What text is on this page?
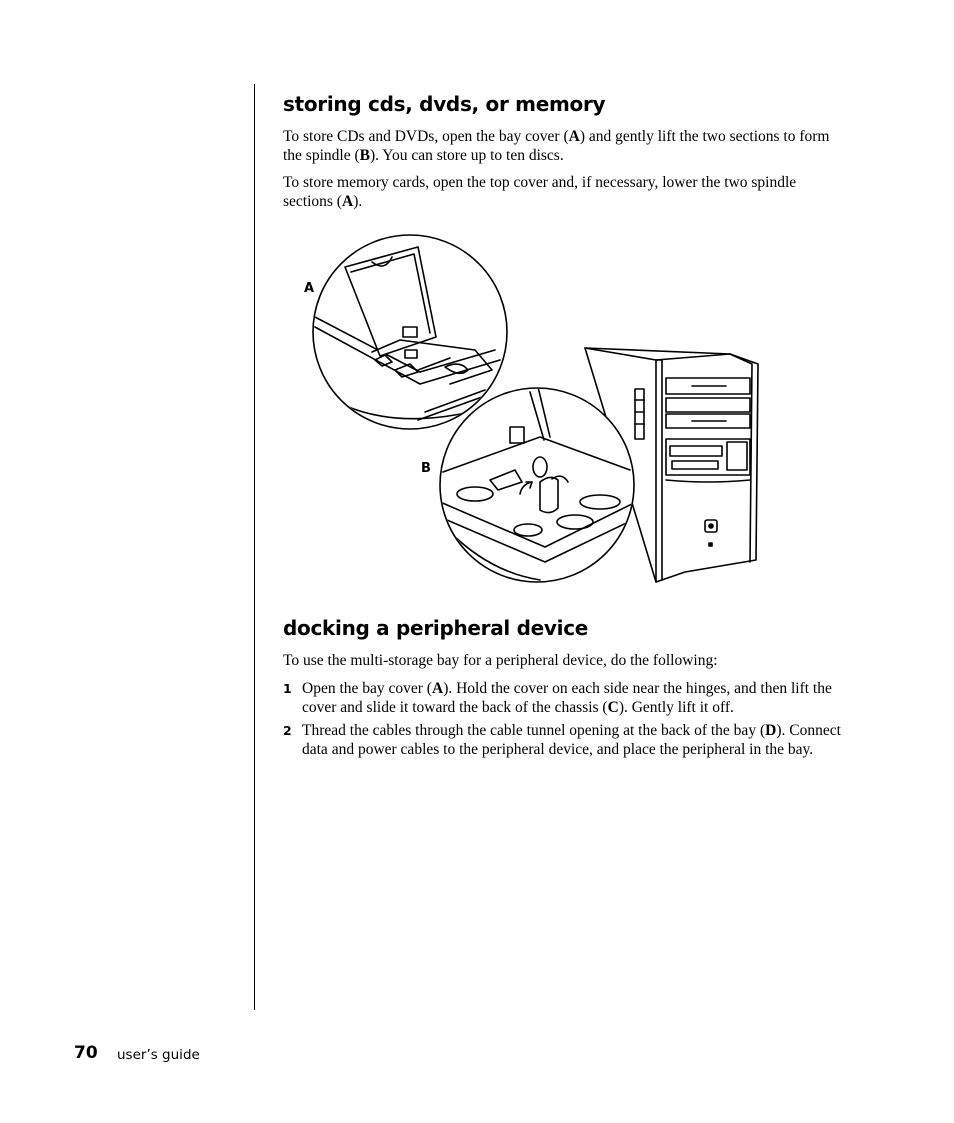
storing cds, dvds, or memory

To store CDs and DVDs, open the bay cover (A) and gently lift the two sections to form the spindle (B). You can store up to ten discs.

To store memory cards, open the top cover and, if necessary, lower the two spindle sections (A).

A
B
docking a peripheral device

To use the multi-storage bay for a peripheral device, do the following:

1 Open the bay cover (A). Hold the cover on each side near the hinges, and then lift the cover and slide it toward the back of the chassis (C). Gently lift it off.
2 Thread the cables through the cable tunnel opening at the back of the bay (D). Connect data and power cables to the peripheral device, and place the peripheral in the bay.
70 user’s guide
